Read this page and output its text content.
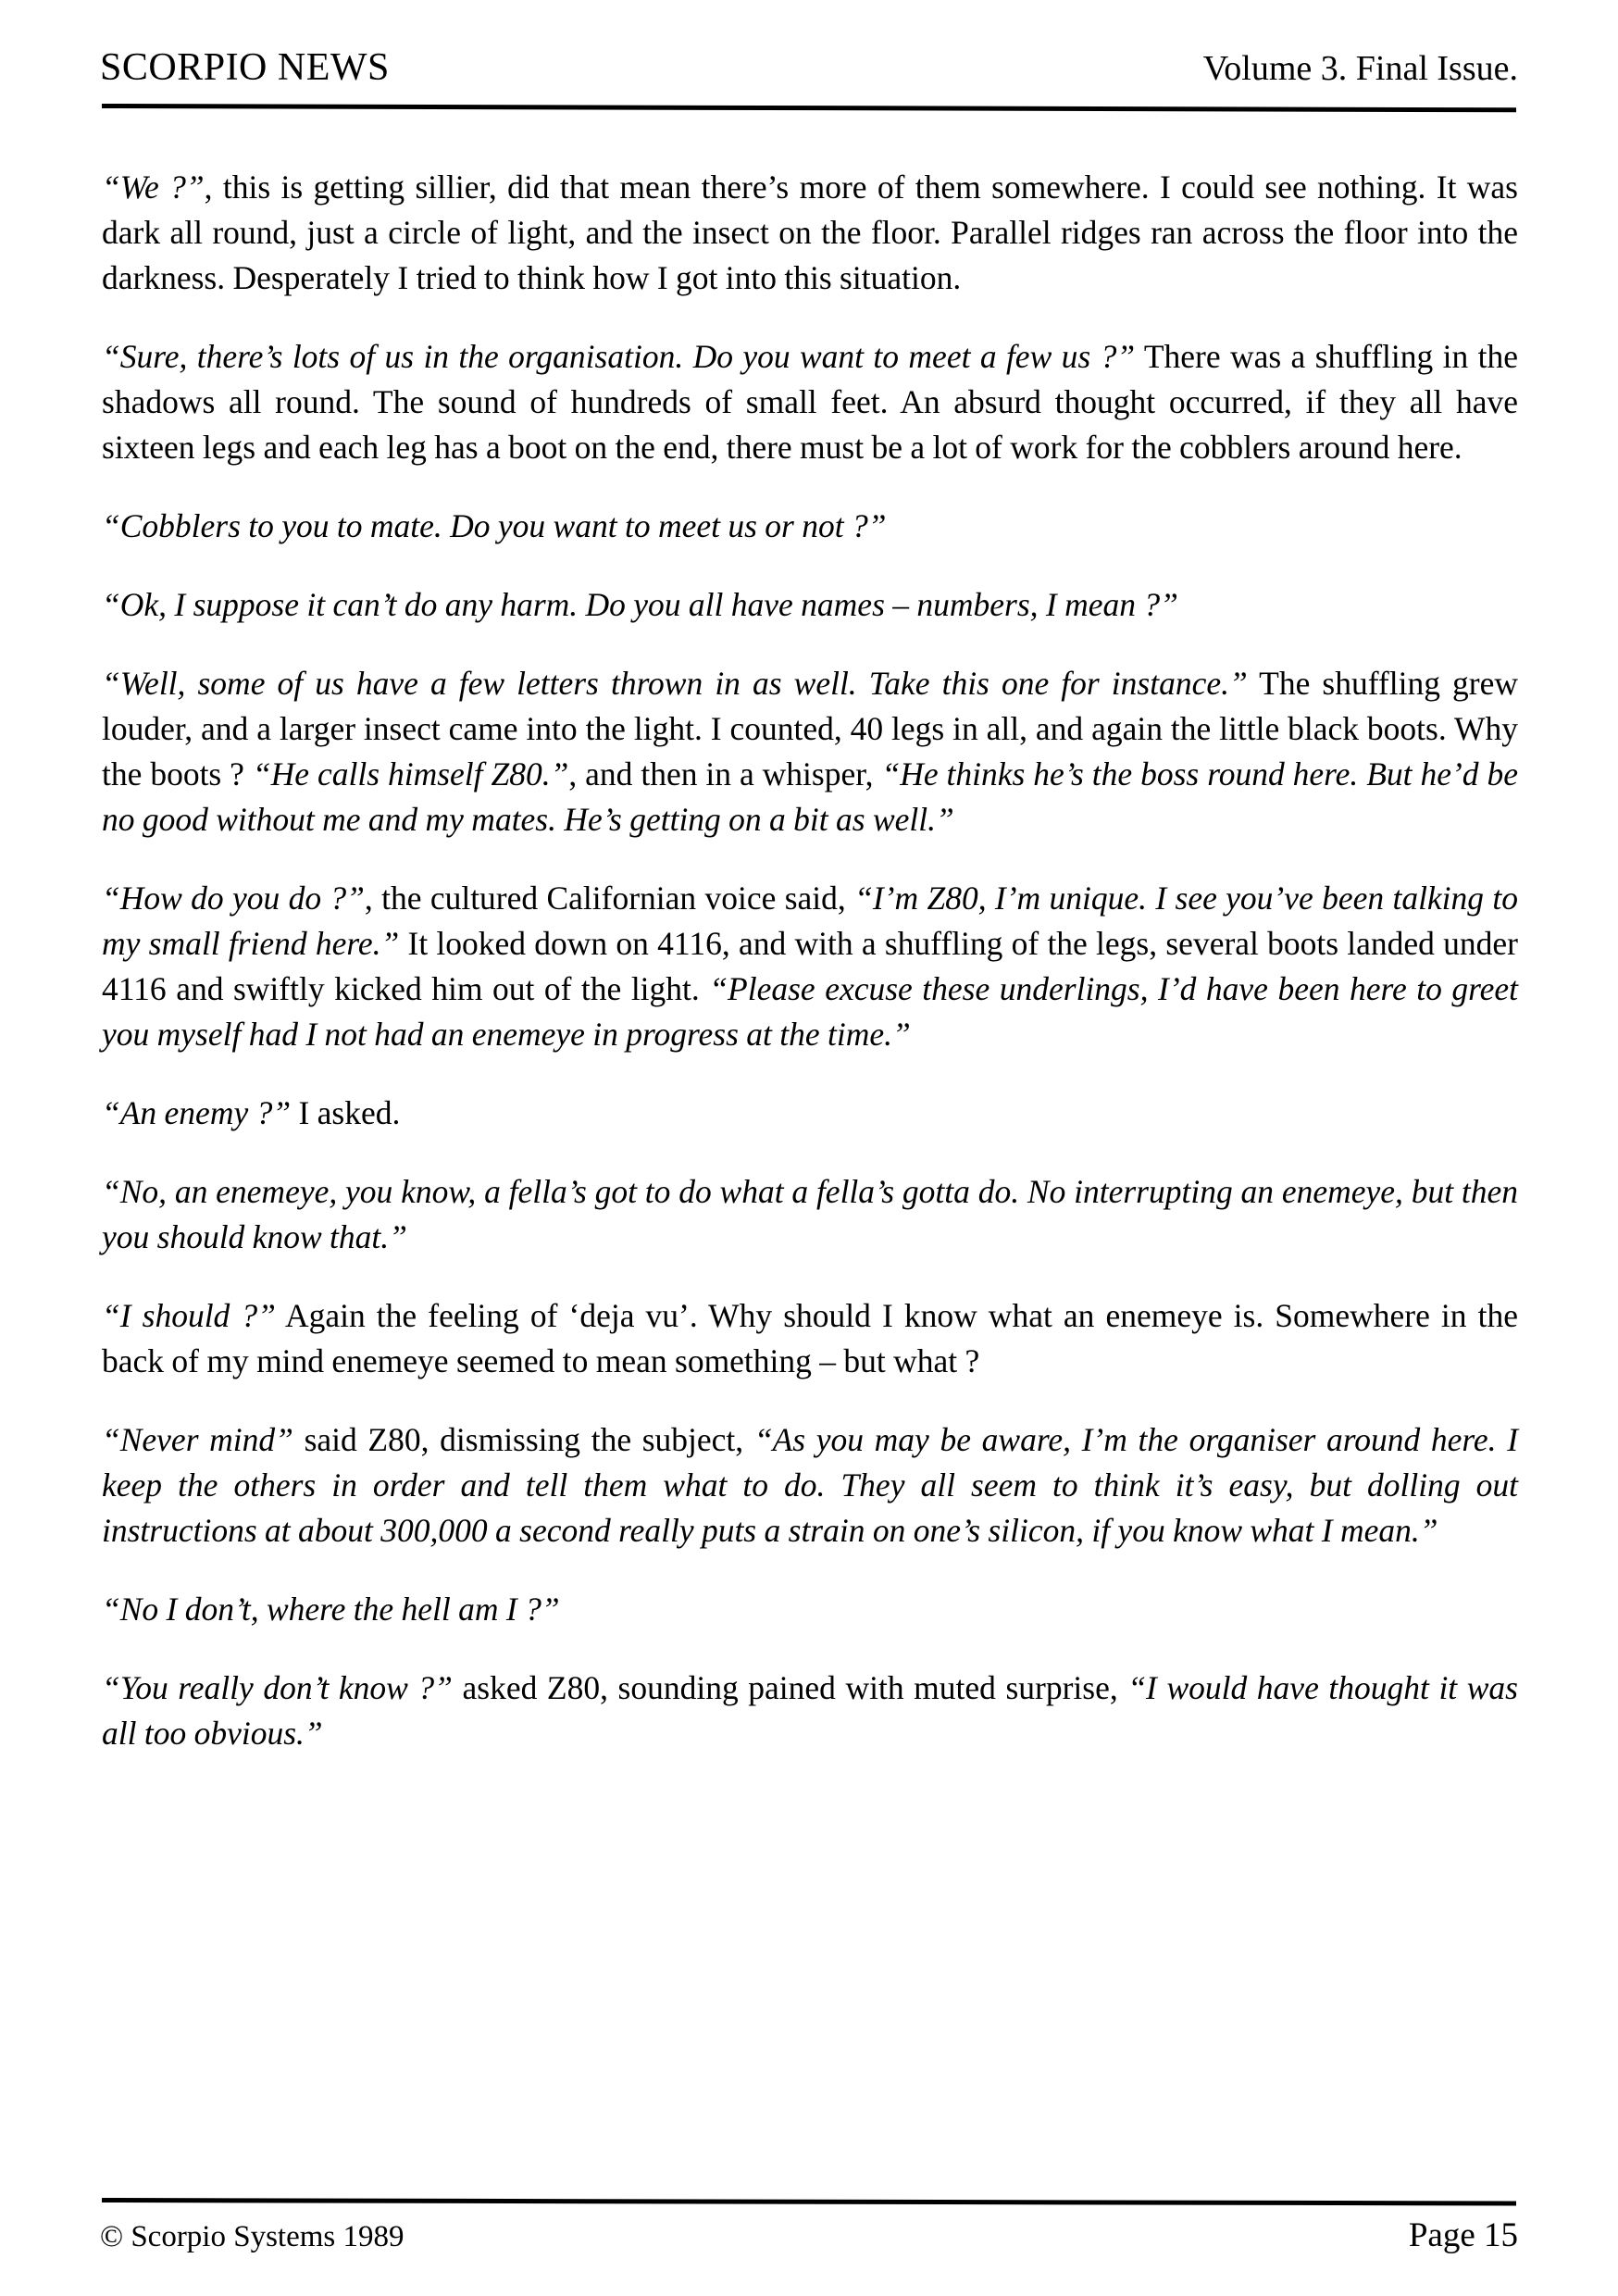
SCORPIO NEWS	Volume 3. Final Issue.

“We ?”, this is getting sillier, did that mean there’s more of them somewhere. I could see nothing. It was dark all round, just a circle of light, and the insect on the floor. Parallel ridges ran across the floor into the darkness. Desperately I tried to think how I got into this situation.

“Sure, there’s lots of us in the organisation. Do you want to meet a few us ?” There was a shuffling in the shadows all round. The sound of hundreds of small feet. An absurd thought occurred, if they all have sixteen legs and each leg has a boot on the end, there must be a lot of work for the cobblers around here.

“Cobblers to you to mate. Do you want to meet us or not ?”

“Ok, I suppose it can’t do any harm. Do you all have names – numbers, I mean ?”

“Well, some of us have a few letters thrown in as well. Take this one for instance.” The shuffling grew louder, and a larger insect came into the light. I counted, 40 legs in all, and again the little black boots. Why the boots ? “He calls himself Z80.”, and then in a whisper, “He thinks he’s the boss round here. But he’d be no good without me and my mates. He’s getting on a bit as well.”

“How do you do ?”, the cultured Californian voice said, “I’m Z80, I’m unique. I see you’ve been talking to my small friend here.” It looked down on 4116, and with a shuffling of the legs, several boots landed under 4116 and swiftly kicked him out of the light. “Please excuse these underlings, I’d have been here to greet you myself had I not had an enemeye in progress at the time.”

“An enemy ?” I asked.

“No, an enemeye, you know, a fella’s got to do what a fella’s gotta do. No interrupting an enemeye, but then you should know that.”

“I should ?” Again the feeling of ‘deja vu’. Why should I know what an enemeye is. Somewhere in the back of my mind enemeye seemed to mean something – but what ?

“Never mind” said Z80, dismissing the subject, “As you may be aware, I’m the organiser around here. I keep the others in order and tell them what to do. They all seem to think it’s easy, but dolling out instructions at about 300,000 a second really puts a strain on one’s silicon, if you know what I mean.”

“No I don’t, where the hell am I ?”

“You really don’t know ?” asked Z80, sounding pained with muted surprise, “I would have thought it was all too obvious.”

© Scorpio Systems 1989	Page 15
